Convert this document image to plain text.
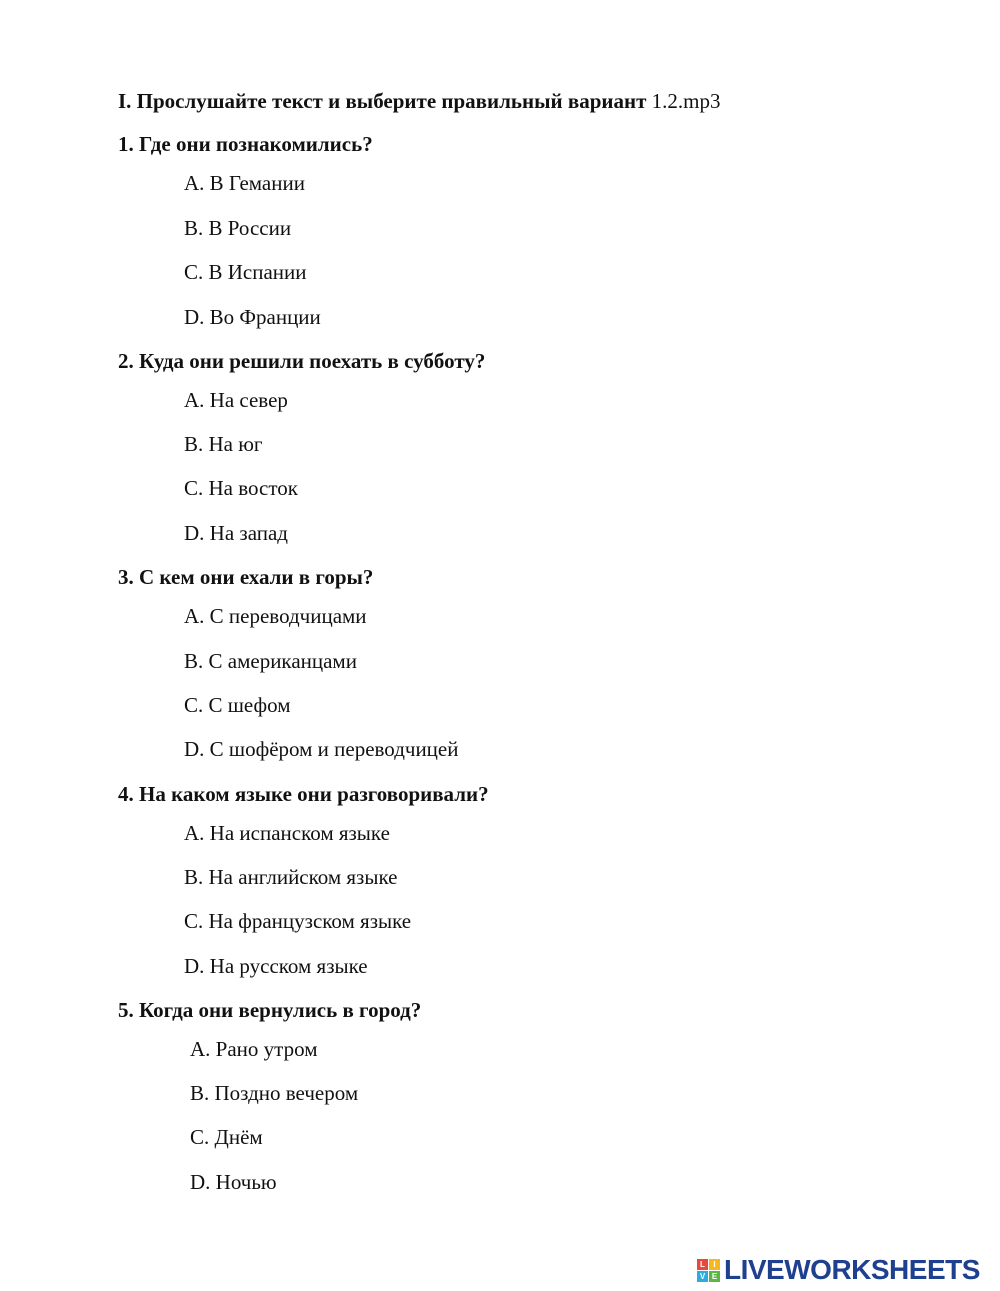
I. Прослушайте текст и выберите правильный вариант 1.2.mp3
1. Где они познакомились?
A. В Гемании
B. В России
C. В Испании
D. Во Франции
2. Куда они решили поехать в субботу?
A. На север
B. На юг
C. На восток
D. На запад
3. С кем они ехали в горы?
A. С переводчицами
B. С американцами
C. С шефом
D. С шофёром и переводчицей
4. На каком языке они разговоривали?
A. На испанском языке
B. На английском языке
C. На французском языке
D. На русском языке
5. Когда они вернулись в город?
A. Рано утром
B. Поздно вечером
C. Днём
D. Ночью
L	I
V E LIVEWORKSHEETS
